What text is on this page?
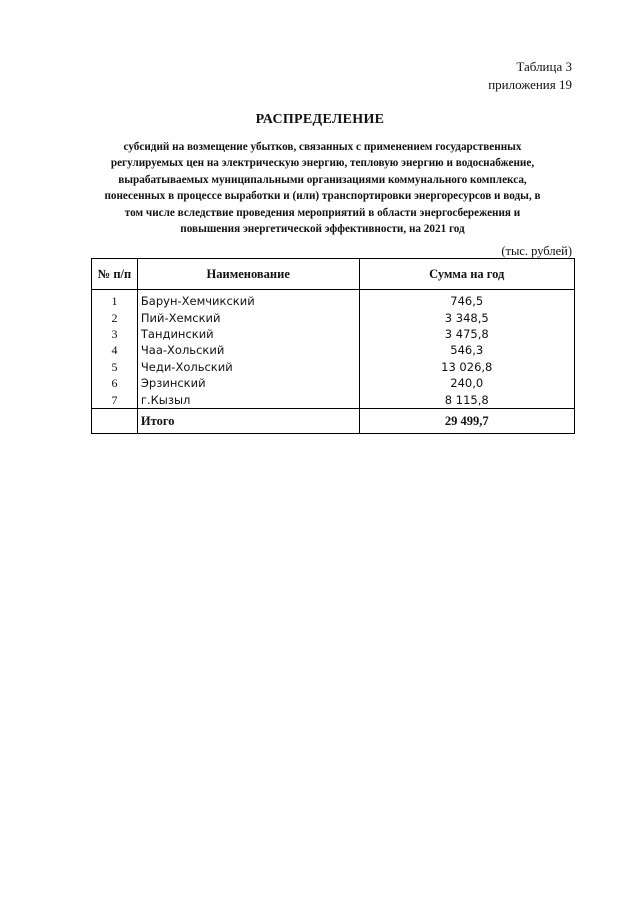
Таблица 3
приложения 19
РАСПРЕДЕЛЕНИЕ
субсидий на возмещение убытков, связанных с применением государственных регулируемых цен на электрическую энергию, тепловую энергию и водоснабжение, вырабатываемых муниципальными организациями коммунального комплекса, понесенных в процессе выработки и (или) транспортировки энергоресурсов и воды, в том числе вследствие проведения мероприятий в области энергосбережения и повышения энергетической эффективности, на 2021 год
(тыс. рублей)
№ п/п	Наименование	Сумма на год
1	Барун-Хемчикский	746,5
2	Пий-Хемский	3 348,5
3	Тандинский	3 475,8
4	Чаа-Хольский	546,3
5	Чеди-Хольский	13 026,8
6	Эрзинский	240,0
7	г.Кызыл	8 115,8
	Итого	29 499,7
